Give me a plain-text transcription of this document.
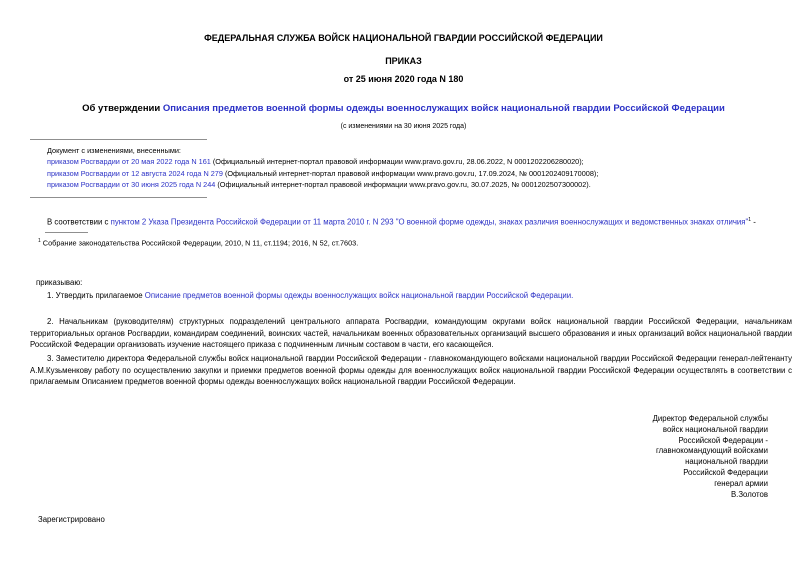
ФЕДЕРАЛЬНАЯ СЛУЖБА ВОЙСК НАЦИОНАЛЬНОЙ ГВАРДИИ РОССИЙСКОЙ ФЕДЕРАЦИИ
ПРИКАЗ
от 25 июня 2020 года N 180
Об утверждении Описания предметов военной формы одежды военнослужащих войск национальной гвардии Российской Федерации
(с изменениями на 30 июня 2025 года)
Документ с изменениями, внесенными:
приказом Росгвардии от 20 мая 2022 года N 161 (Официальный интернет-портал правовой информации www.pravo.gov.ru, 28.06.2022, N 0001202206280020);
приказом Росгвардии от 12 августа 2024 года N 279 (Официальный интернет-портал правовой информации www.pravo.gov.ru, 17.09.2024, № 0001202409170008);
приказом Росгвардии от 30 июня 2025 года N 244 (Официальный интернет-портал правовой информации www.pravo.gov.ru, 30.07.2025, № 0001202507300002).
В соответствии с пунктом 2 Указа Президента Российской Федерации от 11 марта 2010 г. N 293 "О военной форме одежды, знаках различия военнослужащих и ведомственных знаках отличия"$^1$ -
$^1$ Собрание законодательства Российской Федерации, 2010, N 11, ст.1194; 2016, N 52, ст.7603.
приказываю:
1. Утвердить прилагаемое Описание предметов военной формы одежды военнослужащих войск национальной гвардии Российской Федерации.
2. Начальникам (руководителям) структурных подразделений центрального аппарата Росгвардии, командующим округами войск национальной гвардии Российской Федерации, начальникам территориальных органов Росгвардии, командирам соединений, воинских частей, начальникам военных образовательных организаций высшего образования и иных организаций войск национальной гвардии Российской Федерации организовать изучение настоящего приказа с подчиненным личным составом в части, его касающейся.
3. Заместителю директора Федеральной службы войск национальной гвардии Российской Федерации - главнокомандующего войсками национальной гвардии Российской Федерации генерал-лейтенанту А.М.Кузьменкову работу по осуществлению закупки и приемки предметов военной формы одежды для военнослужащих войск национальной гвардии Российской Федерации осуществлять в соответствии с прилагаемым Описанием предметов военной формы одежды военнослужащих войск национальной гвардии Российской Федерации.
Директор Федеральной службы
войск национальной гвардии
Российской Федерации -
главнокомандующий войсками
национальной гвардии
Российской Федерации
генерал армии
В.Золотов
Зарегистрировано
